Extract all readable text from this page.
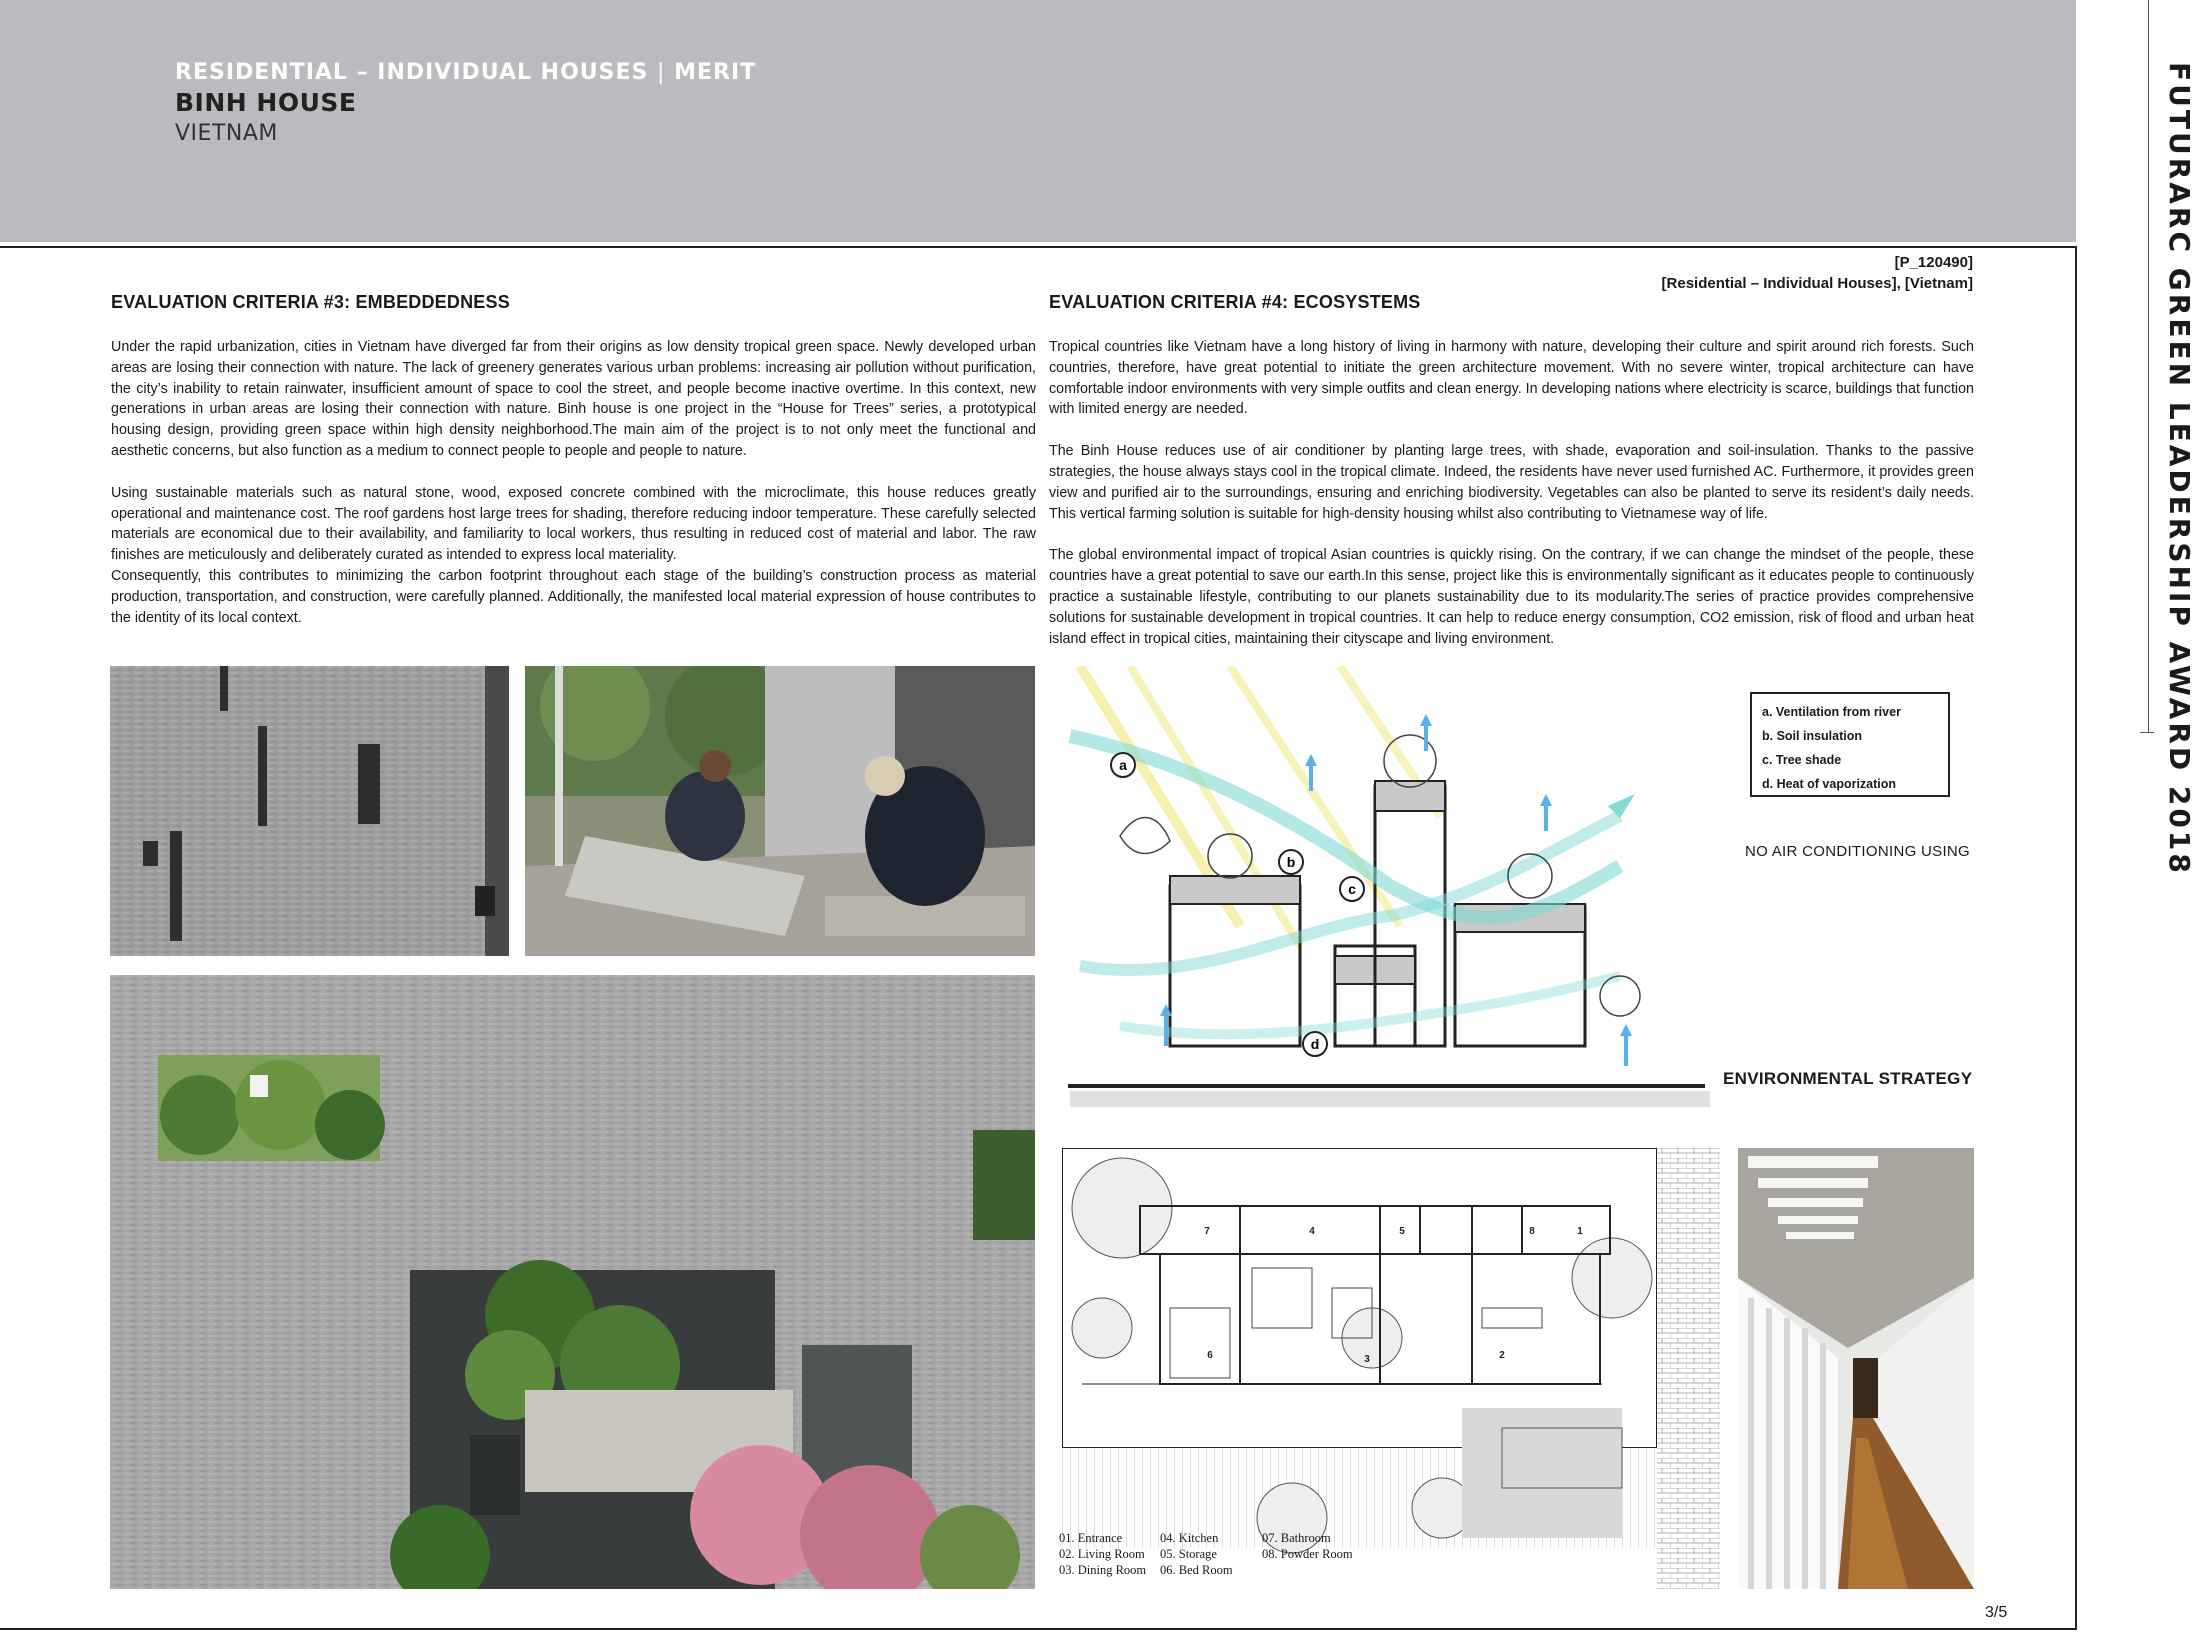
RESIDENTIAL – INDIVIDUAL HOUSES | MERIT
BINH HOUSE
VIETNAM	FUTURARC GREEN LEADERSHIP AWARD 2018
[P_120490]
[Residential – Individual Houses], [Vietnam]
EVALUATION CRITERIA #3: EMBEDDEDNESS

Under the rapid urbanization, cities in Vietnam have diverged far from their origins as low density tropical green space. Newly developed urban areas are losing their connection with nature. The lack of greenery generates various urban problems: increasing air pollution without purification, the city’s inability to retain rainwater, insufficient amount of space to cool the street, and people become inactive overtime. In this context, new generations in urban areas are losing their connection with nature. Binh house is one project in the “House for Trees” series, a prototypical housing design, providing green space within high density neighborhood.The main aim of the project is to not only meet the functional and aesthetic concerns, but also function as a medium to connect people to people and people to nature.

Using sustainable materials such as natural stone, wood, exposed concrete combined with the microclimate, this house reduces greatly operational and maintenance cost. The roof gardens host large trees for shading, therefore reducing indoor temperature. These carefully selected materials are economical due to their availability, and familiarity to local workers, thus resulting in reduced cost of material and labor. The raw finishes are meticulously and deliberately curated as intended to express local materiality.

Consequently, this contributes to minimizing the carbon footprint throughout each stage of the building’s construction process as material production, transportation, and construction, were carefully planned. Additionally, the manifested local material expression of house contributes to the identity of its local context.

EVALUATION CRITERIA #4: ECOSYSTEMS

Tropical countries like Vietnam have a long history of living in harmony with nature, developing their culture and spirit around rich forests. Such countries, therefore, have great potential to initiate the green architecture movement. With no severe winter, tropical architecture can have comfortable indoor environments with very simple outfits and clean energy. In developing nations where electricity is scarce, buildings that function with limited energy are needed.

The Binh House reduces use of air conditioner by planting large trees, with shade, evaporation and soil-insulation. Thanks to the passive strategies, the house always stays cool in the tropical climate. Indeed, the residents have never used furnished AC. Furthermore, it provides green view and purified air to the surroundings, ensuring and enriching biodiversity. Vegetables can also be planted to serve its resident’s daily needs. This vertical farming solution is suitable for high-density housing whilst also contributing to Vietnamese way of life.

The global environmental impact of tropical Asian countries is quickly rising. On the contrary, if we can change the mindset of the people, these countries have a great potential to save our earth.In this sense, project like this is environmentally significant as it educates people to continuously practice a sustainable lifestyle, contributing to our planets sustainability due to its modularity.The series of practice provides comprehensive solutions for sustainable development in tropical countries. It can help to reduce energy consumption, CO2 emission, risk of flood and urban heat island effect in tropical cities, maintaining their cityscape and living environment.

a
b
c
d
a. Ventilation from river
b. Soil insulation
c. Tree shade
d. Heat of vaporization
NO AIR CONDITIONING USING
ENVIRONMENTAL STRATEGY
1
2
3
4	5
6
7	8
01. Entrance
02. Living Room
03. Dining Room
04. Kitchen
05. Storage
06. Bed Room
07. Bathroom
08. Powder Room
3/5
